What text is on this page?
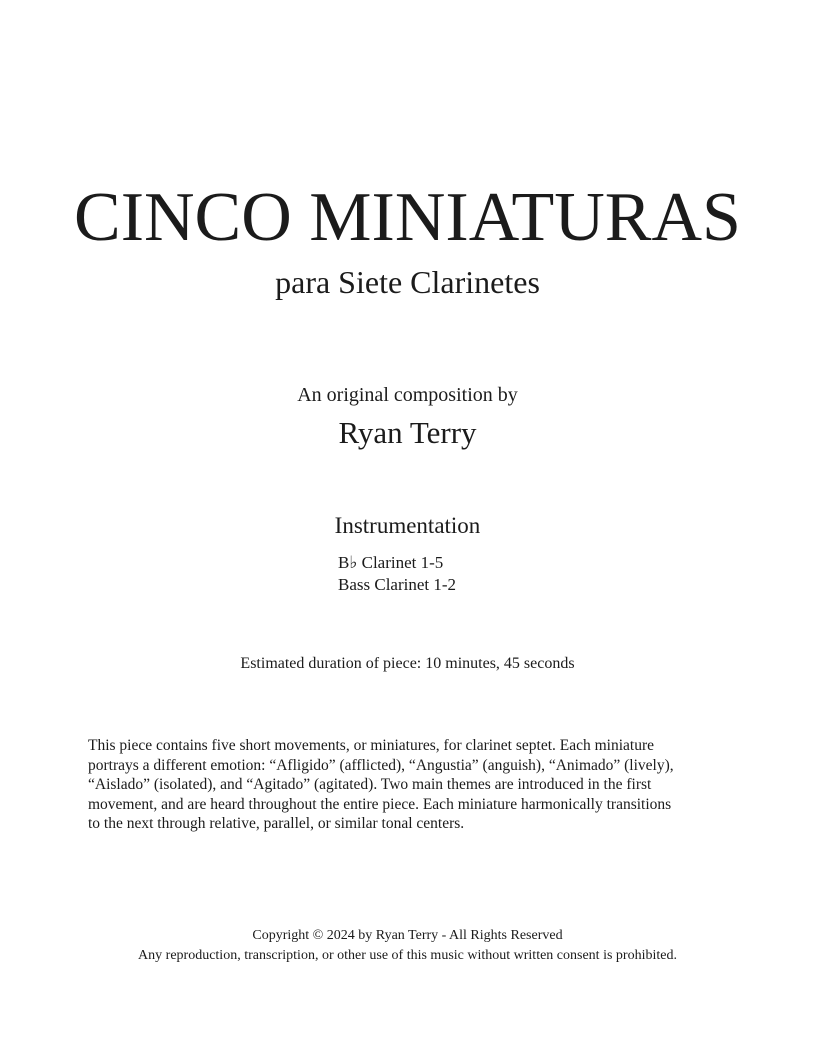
CINCO MINIATURAS
para Siete Clarinetes
An original composition by
Ryan Terry
Instrumentation
B♭ Clarinet 1-5
Bass Clarinet 1-2
Estimated duration of piece: 10 minutes, 45 seconds
This piece contains five short movements, or miniatures, for clarinet septet. Each miniature
portrays a different emotion: “Afligido” (afflicted), “Angustia” (anguish), “Animado” (lively),
“Aislado” (isolated), and “Agitado” (agitated). Two main themes are introduced in the first
movement, and are heard throughout the entire piece. Each miniature harmonically transitions
to the next through relative, parallel, or similar tonal centers.
Copyright © 2024 by Ryan Terry - All Rights Reserved
Any reproduction, transcription, or other use of this music without written consent is prohibited.
